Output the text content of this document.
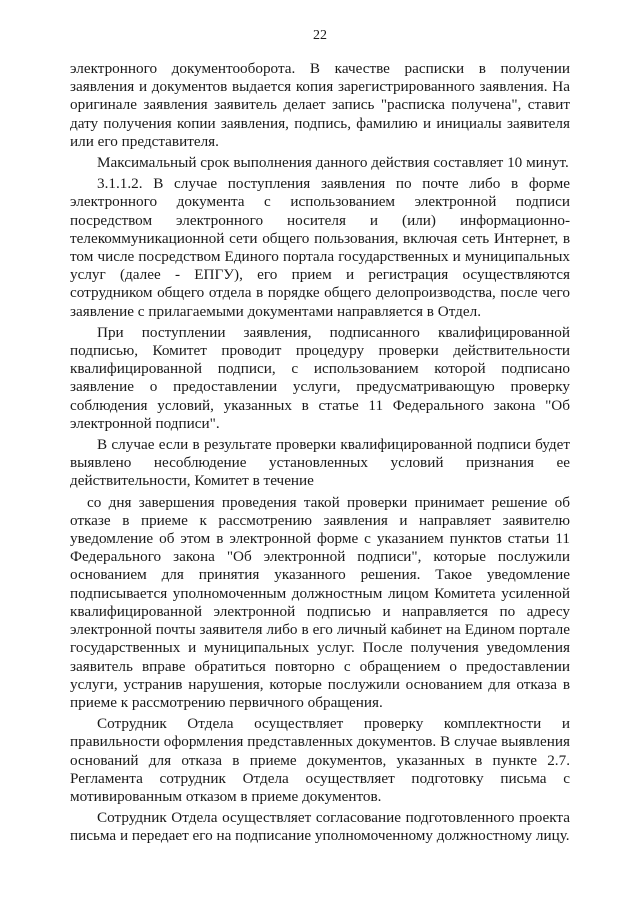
22

электронного документооборота. В качестве расписки в получении заявления и документов выдается копия зарегистрированного заявления. На оригинале заявления заявитель делает запись "расписка получена", ставит дату получения копии заявления, подпись, фамилию и инициалы заявителя или его представителя.

Максимальный срок выполнения данного действия составляет 10 минут.

3.1.1.2. В случае поступления заявления по почте либо в форме электронного документа с использованием электронной подписи посредством электронного носителя и (или) информационно-телекоммуникационной сети общего пользования, включая сеть Интернет, в том числе посредством Единого портала государственных и муниципальных услуг (далее - ЕПГУ), его прием и регистрация осуществляются сотрудником общего отдела в порядке общего делопроизводства, после чего заявление с прилагаемыми документами направляется в Отдел.

При поступлении заявления, подписанного квалифицированной подписью, Комитет проводит процедуру проверки действительности квалифицированной подписи, с использованием которой подписано заявление о предоставлении услуги, предусматривающую проверку соблюдения условий, указанных в статье 11 Федерального закона "Об электронной подписи".

В случае если в результате проверки квалифицированной подписи будет выявлено несоблюдение установленных условий признания ее действительности, Комитет в течение

со дня завершения проведения такой проверки принимает решение об отказе в приеме к рассмотрению заявления и направляет заявителю уведомление об этом в электронной форме с указанием пунктов статьи 11 Федерального закона "Об электронной подписи", которые послужили основанием для принятия указанного решения. Такое уведомление подписывается уполномоченным должностным лицом Комитета усиленной квалифицированной электронной подписью и направляется по адресу электронной почты заявителя либо в его личный кабинет на Едином портале государственных и муниципальных услуг. После получения уведомления заявитель вправе обратиться повторно с обращением о предоставлении услуги, устранив нарушения, которые послужили основанием для отказа в приеме к рассмотрению первичного обращения.

Сотрудник Отдела осуществляет проверку комплектности и правильности оформления представленных документов. В случае выявления оснований для отказа в приеме документов, указанных в пункте 2.7. Регламента сотрудник Отдела осуществляет подготовку письма с мотивированным отказом в приеме документов.

Сотрудник Отдела осуществляет согласование подготовленного проекта письма и передает его на подписание уполномоченному должностному лицу.
